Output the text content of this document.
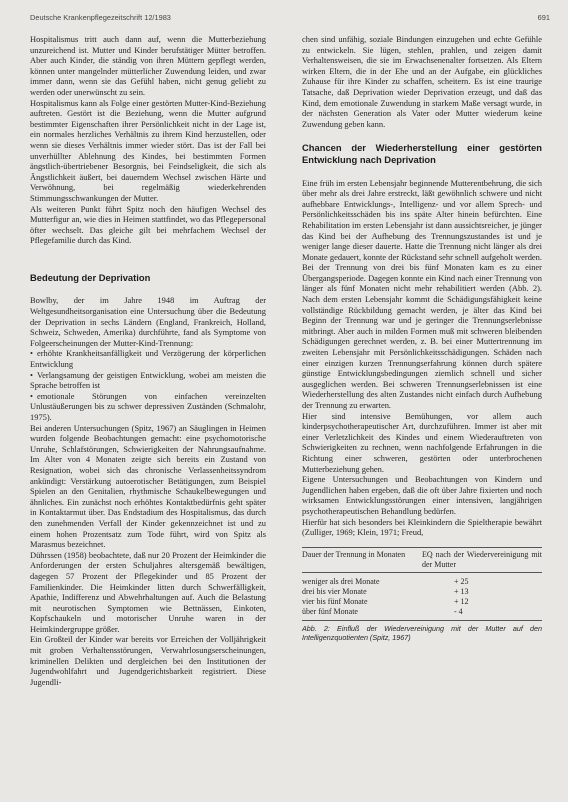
Deutsche Krankenpflegezeitschrift 12/1983	691

Hospitalismus tritt auch dann auf, wenn die Mutterbeziehung unzureichend ist. Mutter und Kinder berufstätiger Mütter betroffen. Aber auch Kinder, die ständig von ihren Müttern gepflegt werden, können unter mangelnder mütterlicher Zuwendung leiden, und zwar immer dann, wenn sie das Gefühl haben, nicht genug geliebt zu werden oder unerwünscht zu sein.

Hospitalismus kann als Folge einer gestörten Mutter-Kind-Beziehung auftreten. Gestört ist die Beziehung, wenn die Mutter aufgrund bestimmter Eigenschaften ihrer Persönlichkeit nicht in der Lage ist, ein normales herzliches Verhältnis zu ihrem Kind herzustellen, oder wenn sie dieses Verhältnis immer wieder stört. Das ist der Fall bei unverhüllter Ablehnung des Kindes, bei bestimmten Formen ängstlich-übertriebener Besorgnis, bei Feindseligkeit, die sich als Ängstlichkeit äußert, bei dauerndem Wechsel zwischen Härte und Verwöhnung, bei regelmäßig wiederkehrenden Stimmungsschwankungen der Mutter.

Als weiteren Punkt führt Spitz noch den häufigen Wechsel des Mutterfigur an, wie dies in Heimen stattfindet, wo das Pflegepersonal öfter wechselt. Das gleiche gilt bei mehrfachem Wechsel der Pflegefamilie durch das Kind.

Bedeutung der Deprivation

Bowlby, der im Jahre 1948 im Auftrag der Weltgesundheitsorganisation eine Untersuchung über die Bedeutung der Deprivation in sechs Ländern (England, Frankreich, Holland, Schweiz, Schweden, Amerika) durchführte, fand als Symptome von Folgeerscheinungen der Mutter-Kind-Trennung:

• erhöhte Krankheitsanfälligkeit und Verzögerung der körperlichen Entwicklung
• Verlangsamung der geistigen Entwicklung, wobei am meisten die Sprache betroffen ist
• emotionale Störungen von einfachen vereinzelten Unlustäußerungen bis zu schwer depressiven Zuständen (Schmalohr, 1975).

Bei anderen Untersuchungen (Spitz, 1967) an Säuglingen in Heimen wurden folgende Beobachtungen gemacht: eine psychomotorische Unruhe, Schlafstörungen, Schwierigkeiten der Nahrungsaufnahme. Im Alter von 4 Monaten zeigte sich bereits ein Zustand von Resignation, wobei sich das chronische Verlassenheitssyndrom ankündigt: Verstärkung autoerotischer Betätigungen, zum Beispiel Spielen an den Genitalien, rhythmische Schaukelbewegungen und ähnliches. Ein zunächst noch erhöhtes Kontaktbedürfnis geht später in Kontaktarmut über. Das Endstadium des Hospitalismus, das durch den zunehmenden Verfall der Kinder gekennzeichnet ist und zu einem hohen Prozentsatz zum Tode führt, wird von Spitz als Marasmus bezeichnet.

Dührssen (1958) beobachtete, daß nur 20 Prozent der Heimkinder die Anforderungen der ersten Schuljahres altersgemäß bewältigen, dagegen 57 Prozent der Pflegekinder und 85 Prozent der Familienkinder. Die Heimkinder litten durch Schwerfälligkeit, Apathie, Indifferenz und Abwehrhaltungen auf. Auch die Belastung mit neurotischen Symptomen wie Bettnässen, Einkoten, Kopfschaukeln und motorischer Unruhe waren in der Heimkindergruppe größer.

Ein Großteil der Kinder war bereits vor Erreichen der Volljährigkeit mit groben Verhaltensstörungen, Verwahrlosungserscheinungen, kriminellen Delikten und dergleichen bei den Institutionen der Jugendwohlfahrt und Jugendgerichtsbarkeit registriert. Diese Jugendli-

chen sind unfähig, soziale Bindungen einzugehen und echte Gefühle zu entwickeln. Sie lügen, stehlen, prahlen, und zeigen damit Verhaltensweisen, die sie im Erwachsenenalter fortsetzen. Als Eltern wirken Eltern, die in der Ehe und an der Aufgabe, ein glückliches Zuhause für ihre Kinder zu schaffen, scheitern. Es ist eine traurige Tatsache, daß Deprivation wieder Deprivation erzeugt, und daß das Kind, dem emotionale Zuwendung in starkem Maße versagt wurde, in der nächsten Generation als Vater oder Mutter wiederum keine Zuwendung geben kann.

Chancen der Wiederherstellung einer gestörten Entwicklung nach Deprivation

Eine früh im ersten Lebensjahr beginnende Mutterentbehrung, die sich über mehr als drei Jahre erstreckt, läßt gewöhnlich schwere und nicht aufhebbare Entwicklungs-, Intelligenz- und vor allem Sprech- und Persönlichkeitsschäden bis ins späte Alter hinein befürchten. Eine Rehabilitation im ersten Lebensjahr ist dann aussichtsreicher, je jünger das Kind bei der Aufhebung des Trennungszustandes ist und je weniger lange dieser dauerte. Hatte die Trennung nicht länger als drei Monate gedauert, konnte der Rückstand sehr schnell aufgeholt werden. Bei der Trennung von drei bis fünf Monaten kam es zu einer Übergangsperiode. Dagegen konnte ein Kind nach einer Trennung von länger als fünf Monaten nicht mehr rehabilitiert werden (Abb. 2). Nach dem ersten Lebensjahr kommt die Schädigungsfähigkeit keine vollständige Rückbildung gemacht werden, je älter das Kind bei Beginn der Trennung war und je geringer die Trennungserlebnisse mitbringt. Aber auch in milden Formen muß mit schweren bleibenden Schädigungen gerechnet werden, z. B. bei einer Muttertrennung im zweiten Lebensjahr mit Persönlichkeitsschädigungen. Schäden nach einer einzigen kurzen Trennungserfahrung können durch spätere günstige Entwicklungsbedingungen ziemlich schnell und sicher ausgeglichen werden. Bei schweren Trennungserlebnissen ist eine Wiederherstellung des alten Zustandes nicht einfach durch Aufhebung der Trennung zu erwarten.

Hier sind intensive Bemühungen, vor allem auch kinderpsychotherapeutischer Art, durchzuführen. Immer ist aber mit einer Verletzlichkeit des Kindes und einem Wiederauftreten von Schwierigkeiten zu rechnen, wenn nachfolgende Erfahrungen in die Richtung einer schweren, gestörten oder unterbrochenen Mutterbeziehung gehen.

Eigene Untersuchungen und Beobachtungen von Kindern und Jugendlichen haben ergeben, daß die oft über Jahre fixierten und noch wirksamen Entwicklungsstörungen einer intensiven, langjährigen psychotherapeutischen Behandlung bedürfen.

Hierfür hat sich besonders bei Kleinkindern die Spieltherapie bewährt (Zulliger, 1969; Klein, 1971; Freud,

Dauer der Trennung in Monaten	EQ nach der Wiedervereinigung mit der Mutter
weniger als drei Monate	+ 25
drei bis vier Monate	+ 13
vier bis fünf Monate	+ 12
über fünf Monate	- 4
Abb. 2: Einfluß der Wiedervereinigung mit der Mutter auf den Intelligenzquotienten (Spitz, 1967)
